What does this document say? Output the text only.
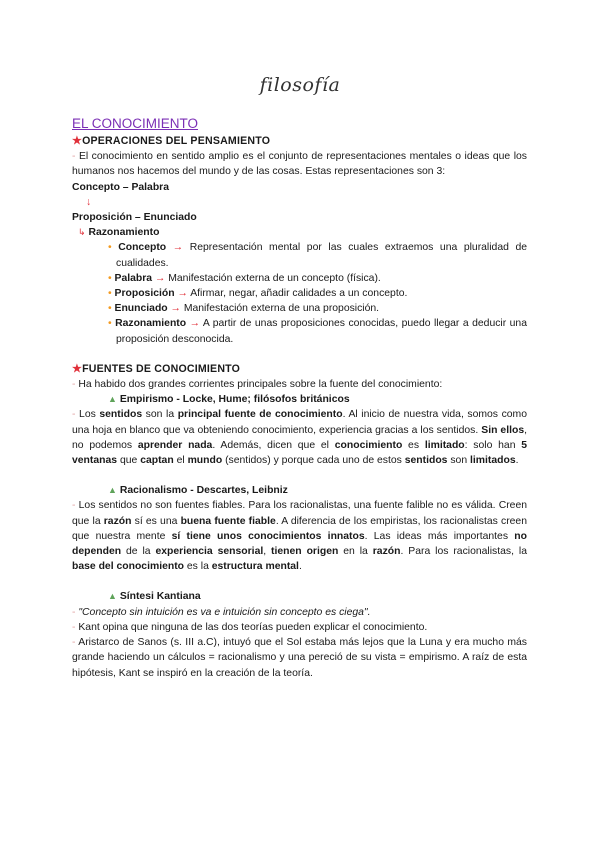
filosofía
EL CONOCIMIENTO
★OPERACIONES DEL PENSAMIENTO

- El conocimiento en sentido amplio es el conjunto de representaciones mentales o ideas que los humanos nos hacemos del mundo y de las cosas. Estas representaciones son 3:

Concepto – Palabra

↓

Proposición – Enunciado

↳ Razonamiento

• Concepto → Representación mental por las cuales extraemos una pluralidad de cualidades.

• Palabra → Manifestación externa de un concepto (física).

• Proposición → Afirmar, negar, añadir calidades a un concepto.

• Enunciado → Manifestación externa de una proposición.

• Razonamiento → A partir de unas proposiciones conocidas, puedo llegar a deducir una proposición desconocida.

★FUENTES DE CONOCIMIENTO

- Ha habido dos grandes corrientes principales sobre la fuente del conocimiento:

▲ Empirismo - Locke, Hume; filósofos británicos

- Los sentidos son la principal fuente de conocimiento. Al inicio de nuestra vida, somos como una hoja en blanco que va obteniendo conocimiento, experiencia gracias a los sentidos. Sin ellos, no podemos aprender nada. Además, dicen que el conocimiento es limitado: solo han 5 ventanas que captan el mundo (sentidos) y porque cada uno de estos sentidos son limitados.

▲ Racionalismo - Descartes, Leibniz

- Los sentidos no son fuentes fiables. Para los racionalistas, una fuente falible no es válida. Creen que la razón sí es una buena fuente fiable. A diferencia de los empiristas, los racionalistas creen que nuestra mente sí tiene unos conocimientos innatos. Las ideas más importantes no dependen de la experiencia sensorial, tienen origen en la razón. Para los racionalistas, la base del conocimiento es la estructura mental.

▲ Síntesi Kantiana

- "Concepto sin intuición es va e intuición sin concepto es ciega".

- Kant opina que ninguna de las dos teorías pueden explicar el conocimiento.

- Aristarco de Sanos (s. III a.C), intuyó que el Sol estaba más lejos que la Luna y era mucho más grande haciendo un cálculos = racionalismo y una pereció de su vista = empirismo. A raíz de esta hipótesis, Kant se inspiró en la creación de la teoría.
